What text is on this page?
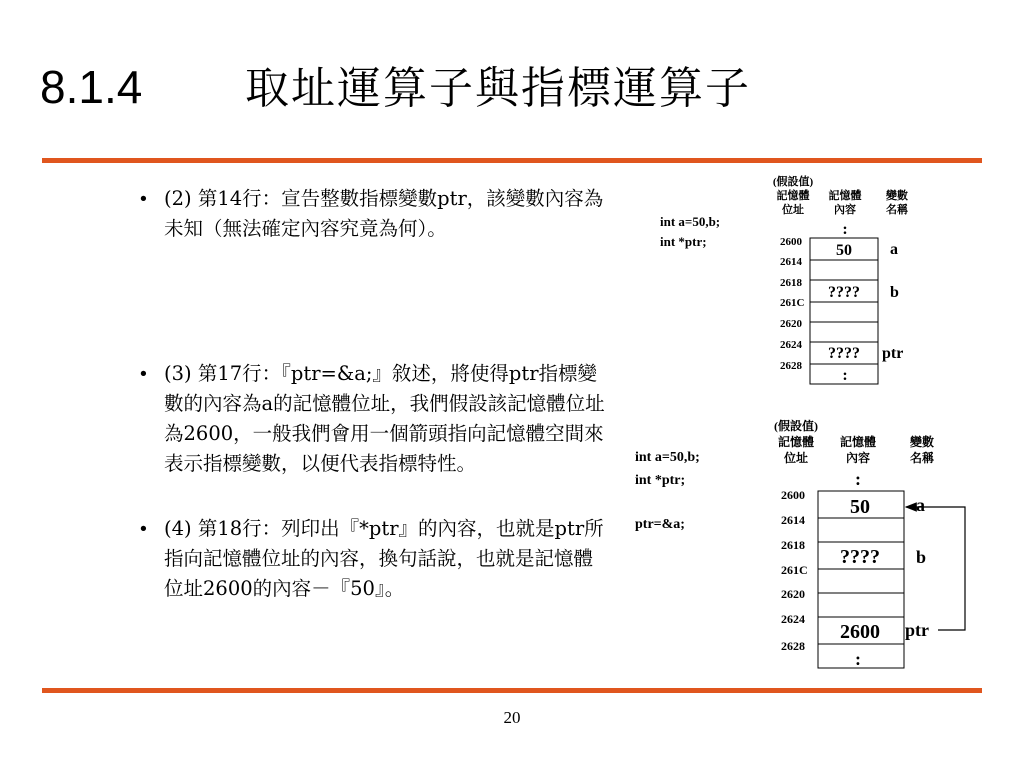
8.1.4 取址運算子與指標運算子

• (2) 第14行：宣告整數指標變數ptr，該變數內容為未知（無法確定內容究竟為何）。

• (3) 第17行：『ptr=&a;』敘述，將使得ptr指標變數的內容為a的記憶體位址，我們假設該記憶體位址為2600，一般我們會用一個箭頭指向記憶體空間來表示指標變數，以便代表指標特性。

• (4) 第18行：列印出『*ptr』的內容，也就是ptr所指向記憶體位址的內容，換句話說，也就是記憶體位址2600的內容－『50』。

(假設值)
記憶體
位址
記憶體
內容
變數
名稱
int a=50,b;
int *ptr;
:
2600
2614
2618
261C
2620
2624
2628
50
????
????
:
a
b
ptr
(假設值)
記憶體
位址
記憶體
內容
變數
名稱
int a=50,b;
int *ptr;
ptr=&a;
:
2600
2614
2618
261C
2620
2624
2628
50
????
2600
:
a
b
ptr
20
